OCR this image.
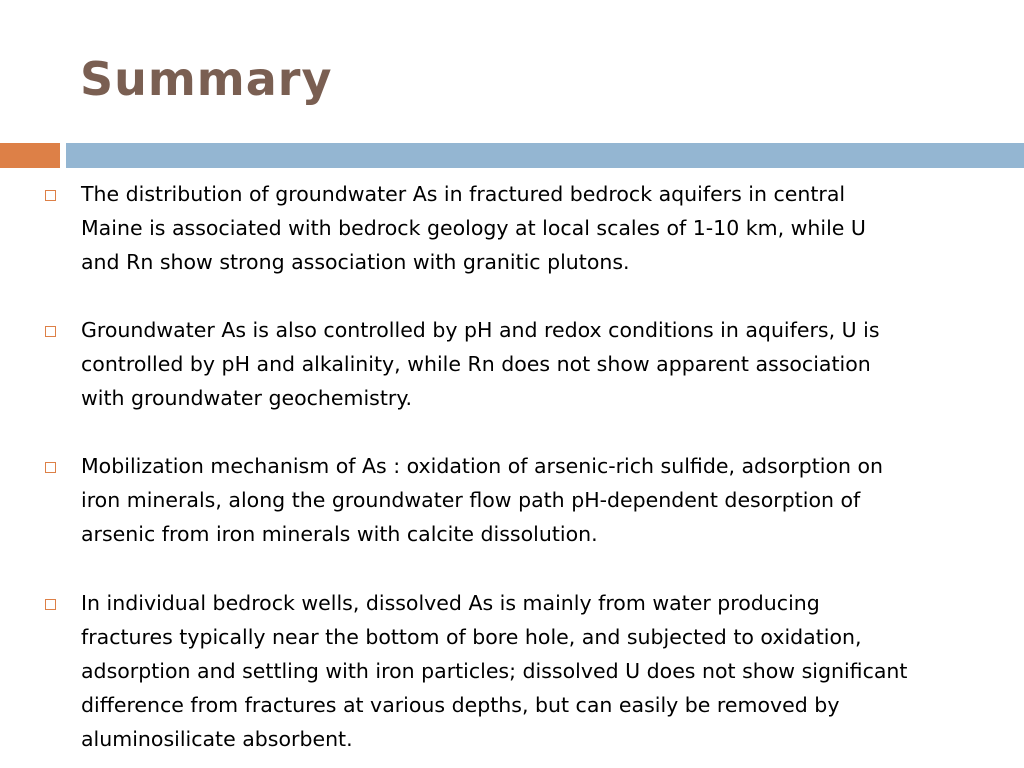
Summary
The distribution of groundwater As in fractured bedrock aquifers in central
Maine is associated with bedrock geology at local scales of 1-10 km, while U
and Rn show strong association with granitic plutons.
Groundwater As is also controlled by pH and redox conditions in aquifers, U is
controlled by pH and alkalinity, while Rn does not show apparent association
with groundwater geochemistry.
Mobilization mechanism of As : oxidation of arsenic-rich sulfide, adsorption on
iron minerals, along the groundwater flow path pH-dependent desorption of
arsenic from iron minerals with calcite dissolution.
In individual bedrock wells, dissolved As is mainly from water producing
fractures typically near the bottom of bore hole, and subjected to oxidation,
adsorption and settling with iron particles; dissolved U does not show significant
difference from fractures at various depths, but can easily be removed by
aluminosilicate absorbent.
